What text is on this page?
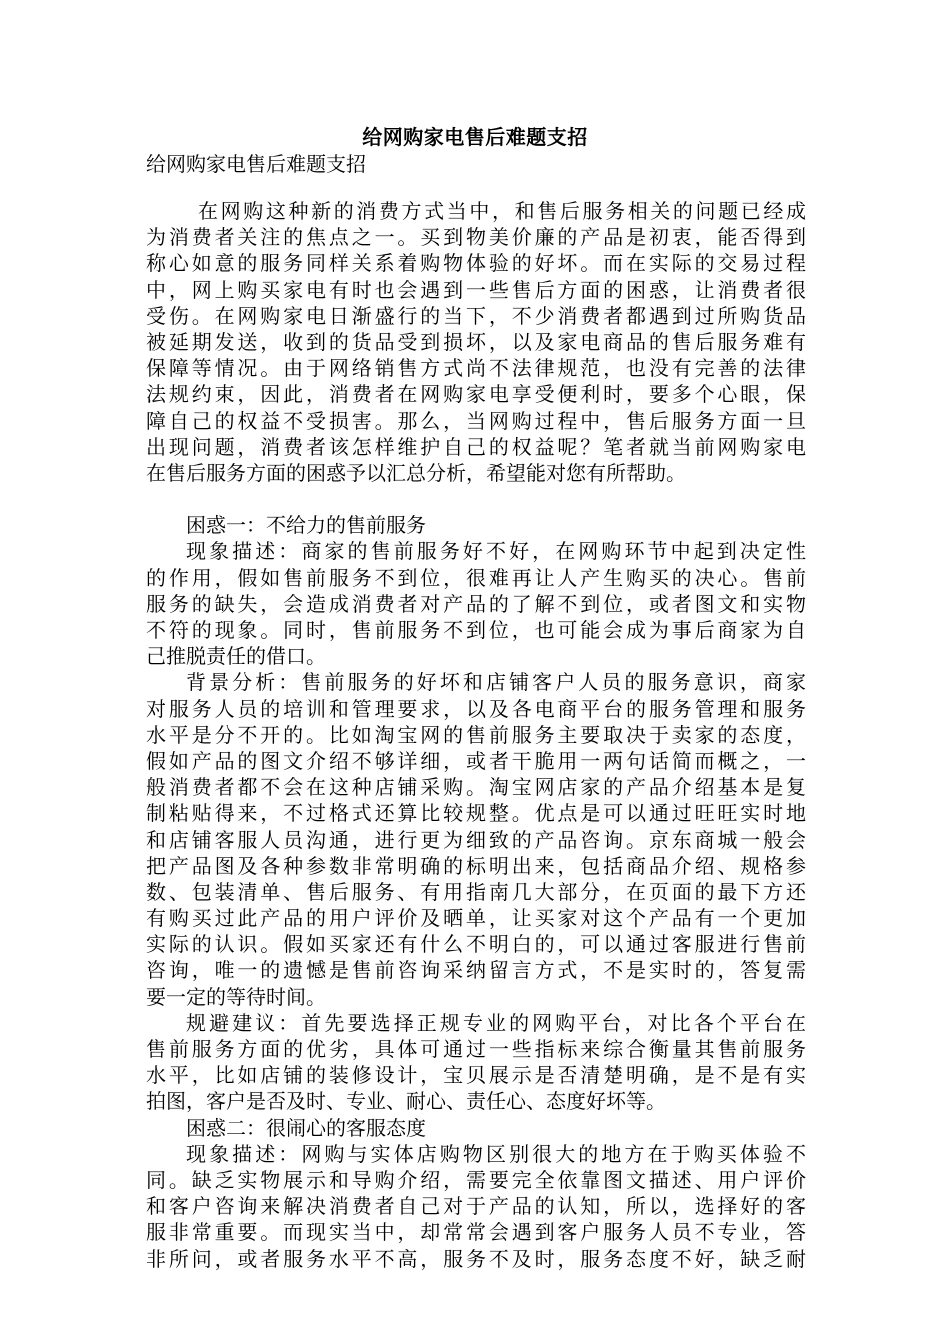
给网购家电售后难题支招
给网购家电售后难题支招
在网购这种新的消费方式当中，和售后服务相关的问题已经成
为消费者关注的焦点之一。买到物美价廉的产品是初衷，能否得到
称心如意的服务同样关系着购物体验的好坏。而在实际的交易过程
中，网上购买家电有时也会遇到一些售后方面的困惑，让消费者很
受伤。在网购家电日渐盛行的当下，不少消费者都遇到过所购货品
被延期发送，收到的货品受到损坏，以及家电商品的售后服务难有
保障等情况。由于网络销售方式尚不法律规范，也没有完善的法律
法规约束，因此，消费者在网购家电享受便利时，要多个心眼，保
障自己的权益不受损害。那么，当网购过程中，售后服务方面一旦
出现问题，消费者该怎样维护自己的权益呢？笔者就当前网购家电
在售后服务方面的困惑予以汇总分析，希望能对您有所帮助。
困惑一：不给力的售前服务
现象描述：商家的售前服务好不好，在网购环节中起到决定性
的作用，假如售前服务不到位，很难再让人产生购买的决心。售前
服务的缺失，会造成消费者对产品的了解不到位，或者图文和实物
不符的现象。同时，售前服务不到位，也可能会成为事后商家为自
己推脱责任的借口。
背景分析：售前服务的好坏和店铺客户人员的服务意识，商家
对服务人员的培训和管理要求，以及各电商平台的服务管理和服务
水平是分不开的。比如淘宝网的售前服务主要取决于卖家的态度，
假如产品的图文介绍不够详细，或者干脆用一两句话简而概之，一
般消费者都不会在这种店铺采购。淘宝网店家的产品介绍基本是复
制粘贴得来，不过格式还算比较规整。优点是可以通过旺旺实时地
和店铺客服人员沟通，进行更为细致的产品咨询。京东商城一般会
把产品图及各种参数非常明确的标明出来，包括商品介绍、规格参
数、包装清单、售后服务、有用指南几大部分，在页面的最下方还
有购买过此产品的用户评价及晒单，让买家对这个产品有一个更加
实际的认识。假如买家还有什么不明白的，可以通过客服进行售前
咨询，唯一的遗憾是售前咨询采纳留言方式，不是实时的，答复需
要一定的等待时间。
规避建议：首先要选择正规专业的网购平台，对比各个平台在
售前服务方面的优劣，具体可通过一些指标来综合衡量其售前服务
水平，比如店铺的装修设计，宝贝展示是否清楚明确，是不是有实
拍图，客户是否及时、专业、耐心、责任心、态度好坏等。
困惑二：很闹心的客服态度
现象描述：网购与实体店购物区别很大的地方在于购买体验不
同。缺乏实物展示和导购介绍，需要完全依靠图文描述、用户评价
和客户咨询来解决消费者自己对于产品的认知，所以，选择好的客
服非常重要。而现实当中，却常常会遇到客户服务人员不专业，答
非所问，或者服务水平不高，服务不及时，服务态度不好，缺乏耐
